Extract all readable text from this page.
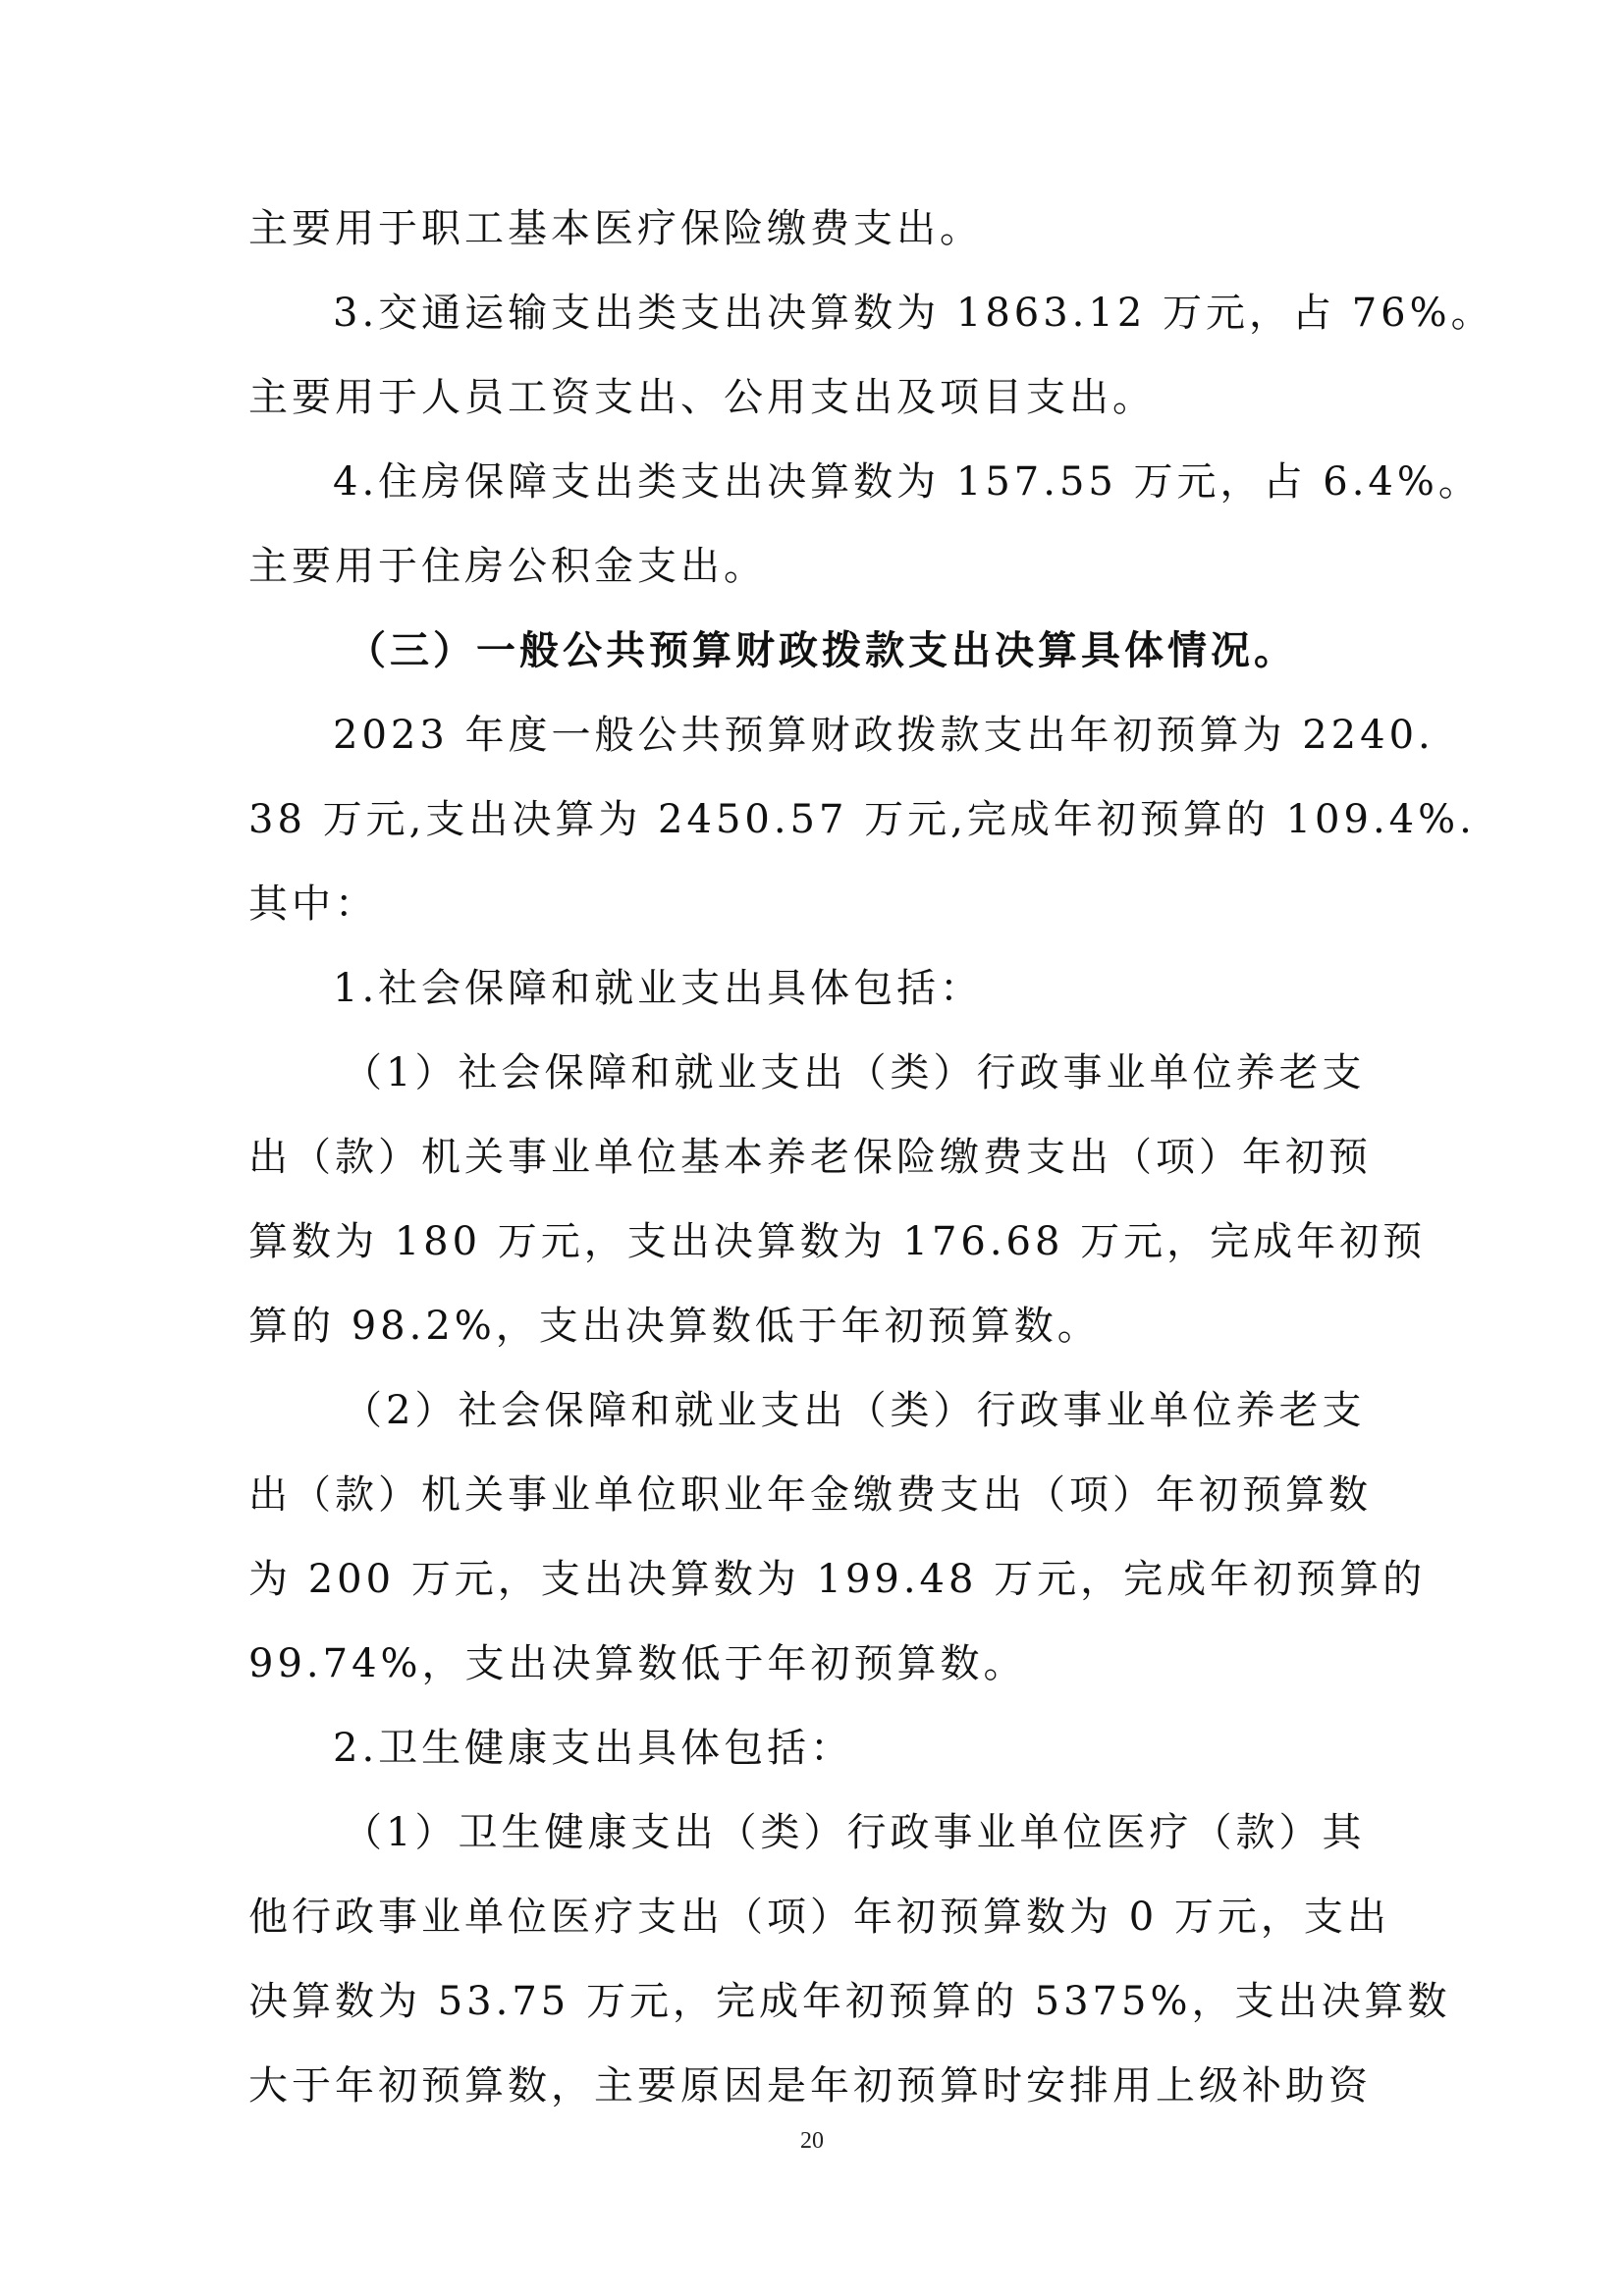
主要用于职工基本医疗保险缴费支出。
3.交通运输支出类支出决算数为 1863.12 万元，占 76%。
主要用于人员工资支出、公用支出及项目支出。
4.住房保障支出类支出决算数为 157.55 万元，占 6.4%。
主要用于住房公积金支出。
（三）一般公共预算财政拨款支出决算具体情况。
2023 年度一般公共预算财政拨款支出年初预算为 2240.
38 万元,支出决算为 2450.57 万元,完成年初预算的 109.4%.
其中：
1.社会保障和就业支出具体包括：
（1）社会保障和就业支出（类）行政事业单位养老支
出（款）机关事业单位基本养老保险缴费支出（项）年初预
算数为 180 万元，支出决算数为 176.68 万元，完成年初预
算的 98.2%，支出决算数低于年初预算数。
（2）社会保障和就业支出（类）行政事业单位养老支
出（款）机关事业单位职业年金缴费支出（项）年初预算数
为 200 万元，支出决算数为 199.48 万元，完成年初预算的
99.74%，支出决算数低于年初预算数。
2.卫生健康支出具体包括：
（1）卫生健康支出（类）行政事业单位医疗（款）其
他行政事业单位医疗支出（项）年初预算数为 0 万元，支出
决算数为 53.75 万元，完成年初预算的 5375%，支出决算数
大于年初预算数，主要原因是年初预算时安排用上级补助资
20
